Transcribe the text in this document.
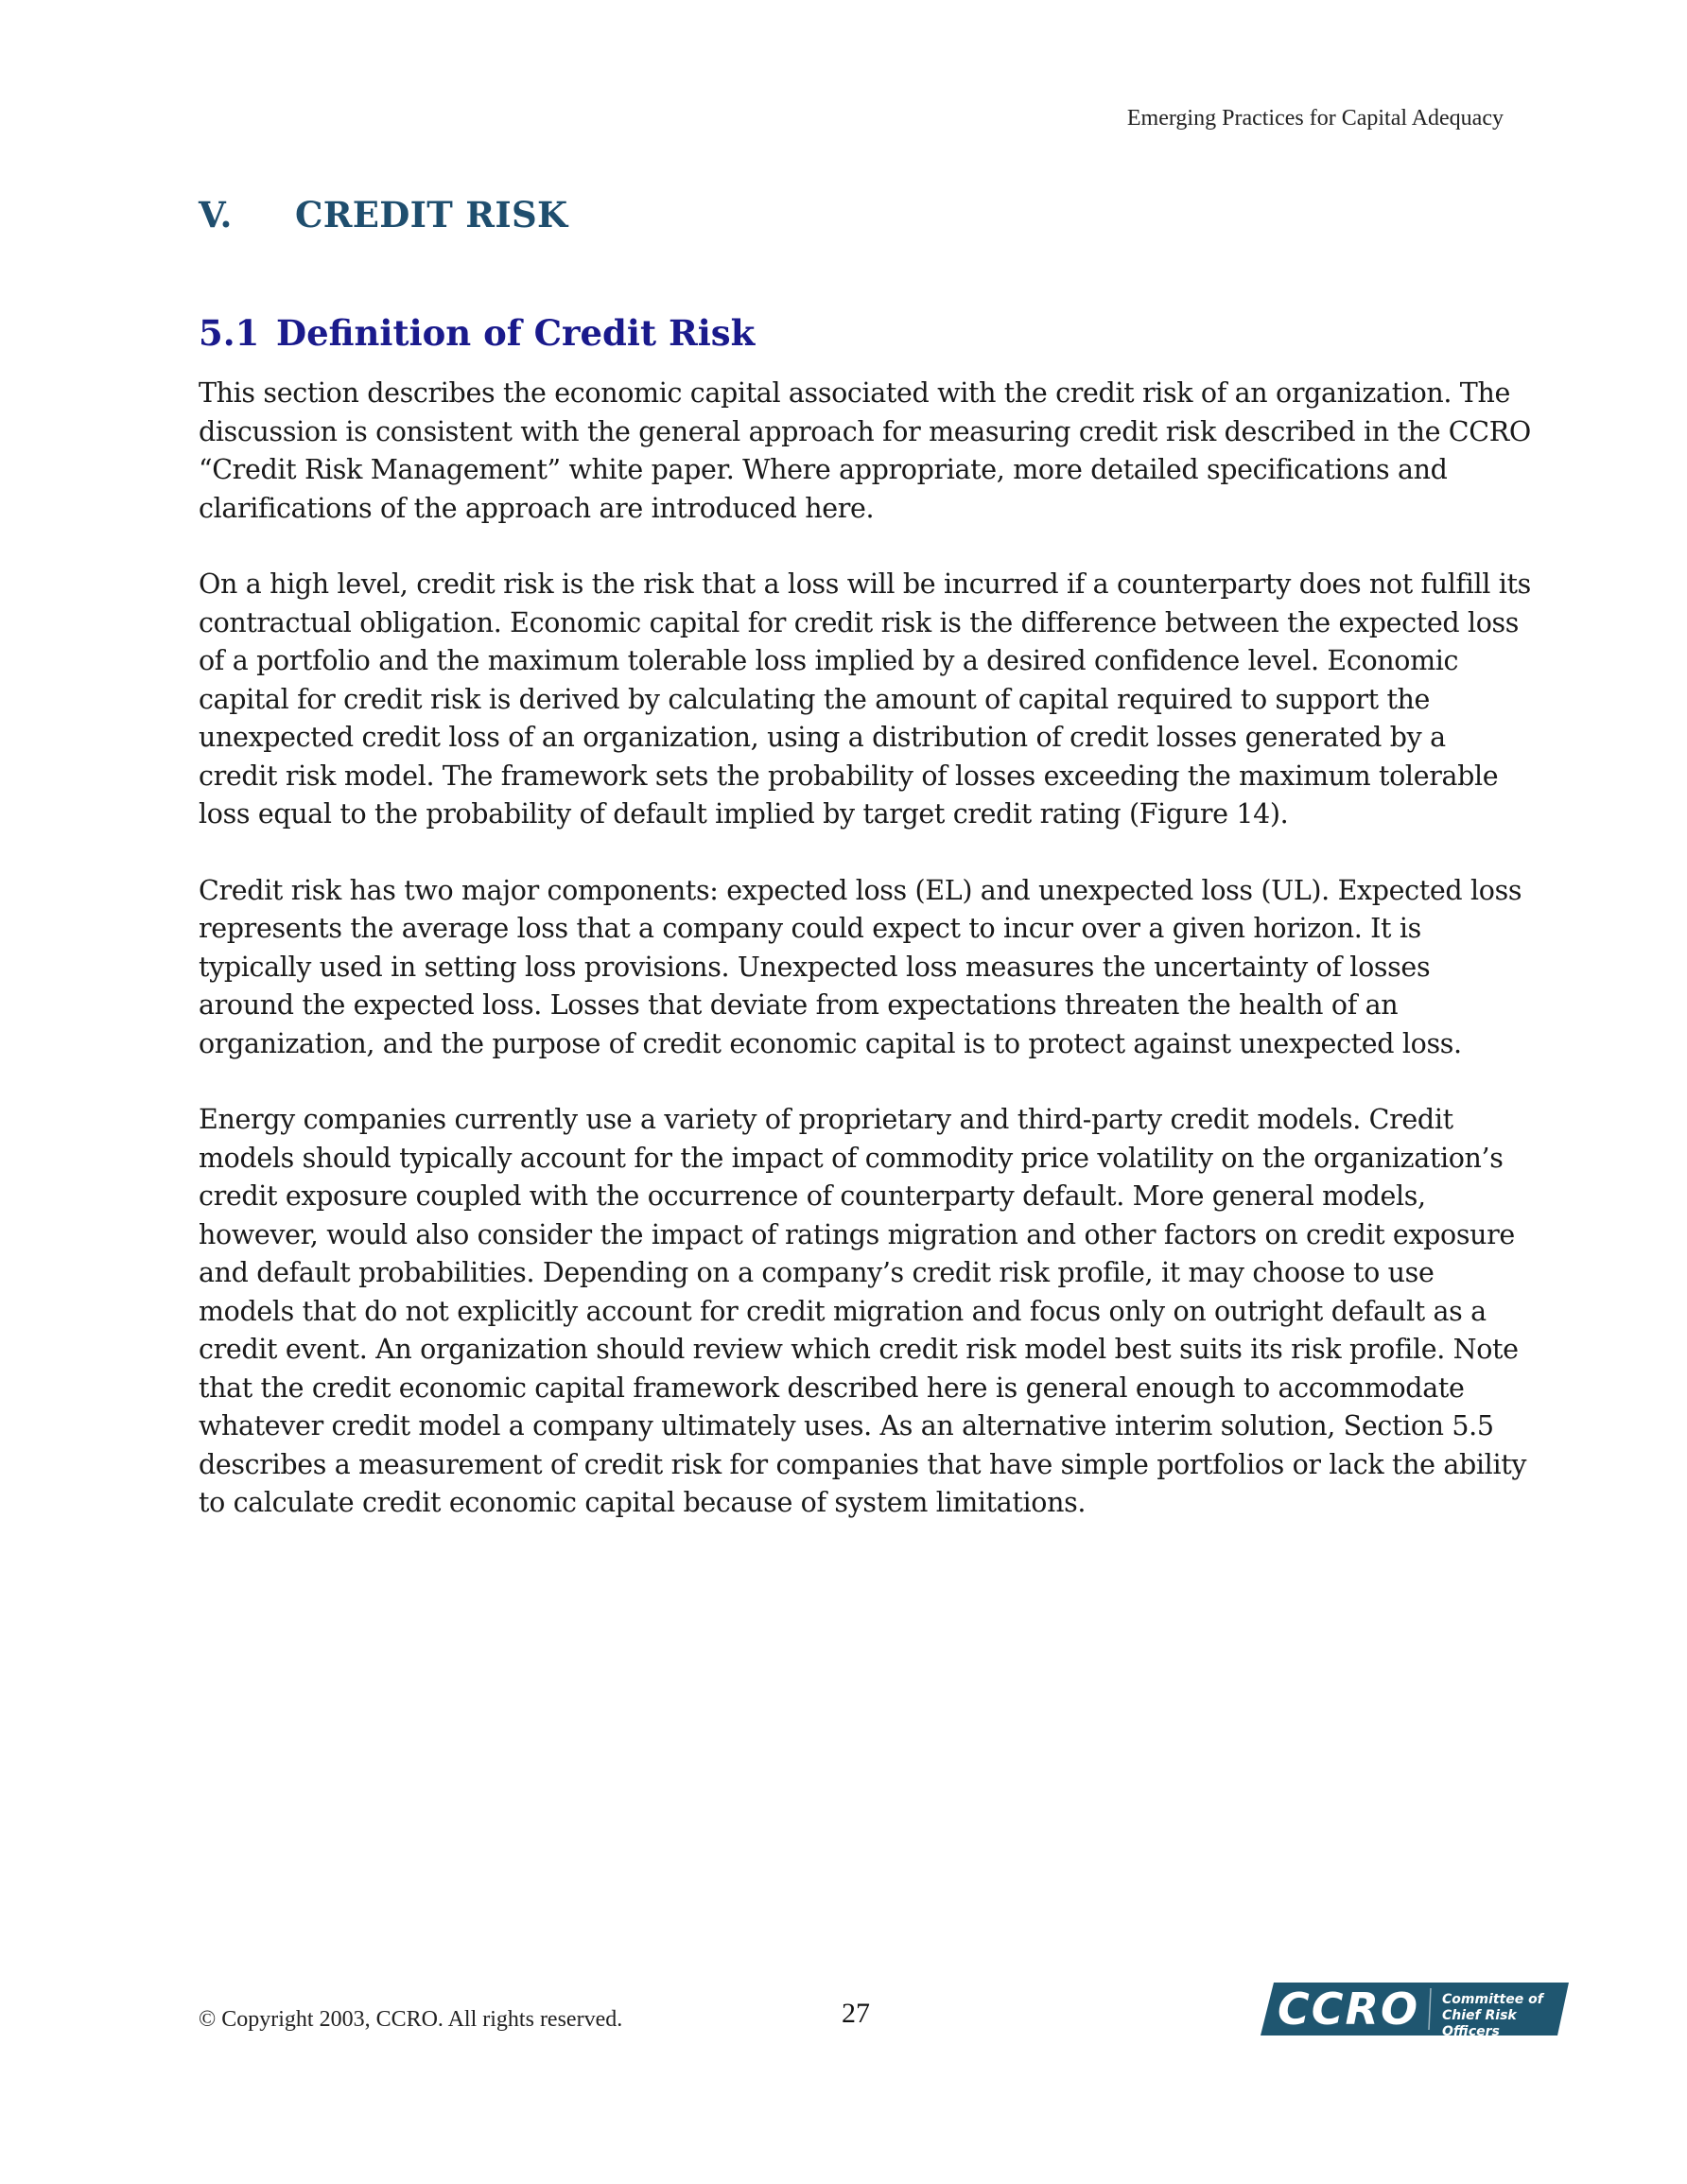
Emerging Practices for Capital Adequacy
V. CREDIT RISK
5.1 Definition of Credit Risk

This section describes the economic capital associated with the credit risk of an organization. The discussion is consistent with the general approach for measuring credit risk described in the CCRO “Credit Risk Management” white paper. Where appropriate, more detailed specifications and clarifications of the approach are introduced here.

On a high level, credit risk is the risk that a loss will be incurred if a counterparty does not fulfill its contractual obligation. Economic capital for credit risk is the difference between the expected loss of a portfolio and the maximum tolerable loss implied by a desired confidence level. Economic capital for credit risk is derived by calculating the amount of capital required to support the unexpected credit loss of an organization, using a distribution of credit losses generated by a credit risk model. The framework sets the probability of losses exceeding the maximum tolerable loss equal to the probability of default implied by target credit rating (Figure 14).

Credit risk has two major components: expected loss (EL) and unexpected loss (UL). Expected loss represents the average loss that a company could expect to incur over a given horizon. It is typically used in setting loss provisions. Unexpected loss measures the uncertainty of losses around the expected loss. Losses that deviate from expectations threaten the health of an organization, and the purpose of credit economic capital is to protect against unexpected loss.

Energy companies currently use a variety of proprietary and third-party credit models. Credit models should typically account for the impact of commodity price volatility on the organization’s credit exposure coupled with the occurrence of counterparty default. More general models, however, would also consider the impact of ratings migration and other factors on credit exposure and default probabilities. Depending on a company’s credit risk profile, it may choose to use models that do not explicitly account for credit migration and focus only on outright default as a credit event. An organization should review which credit risk model best suits its risk profile. Note that the credit economic capital framework described here is general enough to accommodate whatever credit model a company ultimately uses. As an alternative interim solution, Section 5.5 describes a measurement of credit risk for companies that have simple portfolios or lack the ability to calculate credit economic capital because of system limitations.

© Copyright 2003, CCRO. All rights reserved.	27	CCRO Committee of
Chief Risk Officers
